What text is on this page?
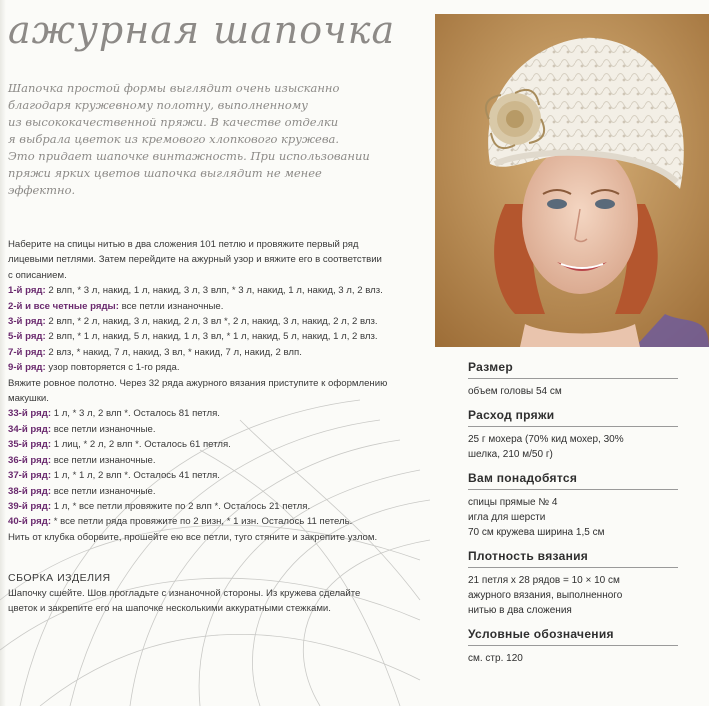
ажурная шапочка

Шапочка простой формы выглядит очень изысканно

благодаря кружевному полотну, выполненному

из высококачественной пряжи. В качестве отделки

я выбрала цветок из кремового хлопкового кружева.

Это придает шапочке винтажность. При использовании

пряжи ярких цветов шапочка выглядит не менее

эффектно.

Наберите на спицы нитью в два сложения 101 петлю и провяжите первый ряд

лицевыми петлями. Затем перейдите на ажурный узор и вяжите его в соответствии

с описанием.

1-й ряд: 2 влп, * 3 л, накид, 1 л, накид, 3 л, 3 влп, * 3 л, накид, 1 л, накид, 3 л, 2 влз.

2-й и все четные ряды: все петли изнаночные.

3-й ряд: 2 влп, * 2 л, накид, 3 л, накид, 2 л, 3 вл *, 2 л, накид, 3 л, накид, 2 л, 2 влз.

5-й ряд: 2 влп, * 1 л, накид, 5 л, накид, 1 л, 3 вл, * 1 л, накид, 5 л, накид, 1 л, 2 влз.

7-й ряд: 2 влз, * накид, 7 л, накид, 3 вл, * накид, 7 л, накид, 2 влп.

9-й ряд: узор повторяется с 1-го ряда.

Вяжите ровное полотно. Через 32 ряда ажурного вязания приступите к оформлению

макушки.

33-й ряд: 1 л, * 3 л, 2 влп *. Осталось 81 петля.

34-й ряд: все петли изнаночные.

35-й ряд: 1 лиц, * 2 л, 2 влп *. Осталось 61 петля.

36-й ряд: все петли изнаночные.

37-й ряд: 1 л, * 1 л, 2 влп *. Осталось 41 петля.

38-й ряд: все петли изнаночные.

39-й ряд: 1 л, * все петли провяжите по 2 влп *. Осталось 21 петля.

40-й ряд: * все петли ряда провяжите по 2 визн, * 1 изн. Осталось 11 петель.

Нить от клубка оборвите, прошейте ею все петли, туго стяните и закрепите узлом.

СБОРКА ИЗДЕЛИЯ

Шапочку сшейте. Шов прогладьте с изнаночной стороны. Из кружева сделайте

цветок и закрепите его на шапочке несколькими аккуратными стежками.

Размер

объем головы 54 см

Расход пряжи

25 г мохера (70% кид мохер, 30%

шелка, 210 м/50 г)

Вам понадобятся

спицы прямые № 4

игла для шерсти

70 см кружева ширина 1,5 см

Плотность вязания

21 петля х 28 рядов = 10 × 10 см

ажурного вязания, выполненного

нитью в два сложения

Условные обозначения

см. стр. 120
